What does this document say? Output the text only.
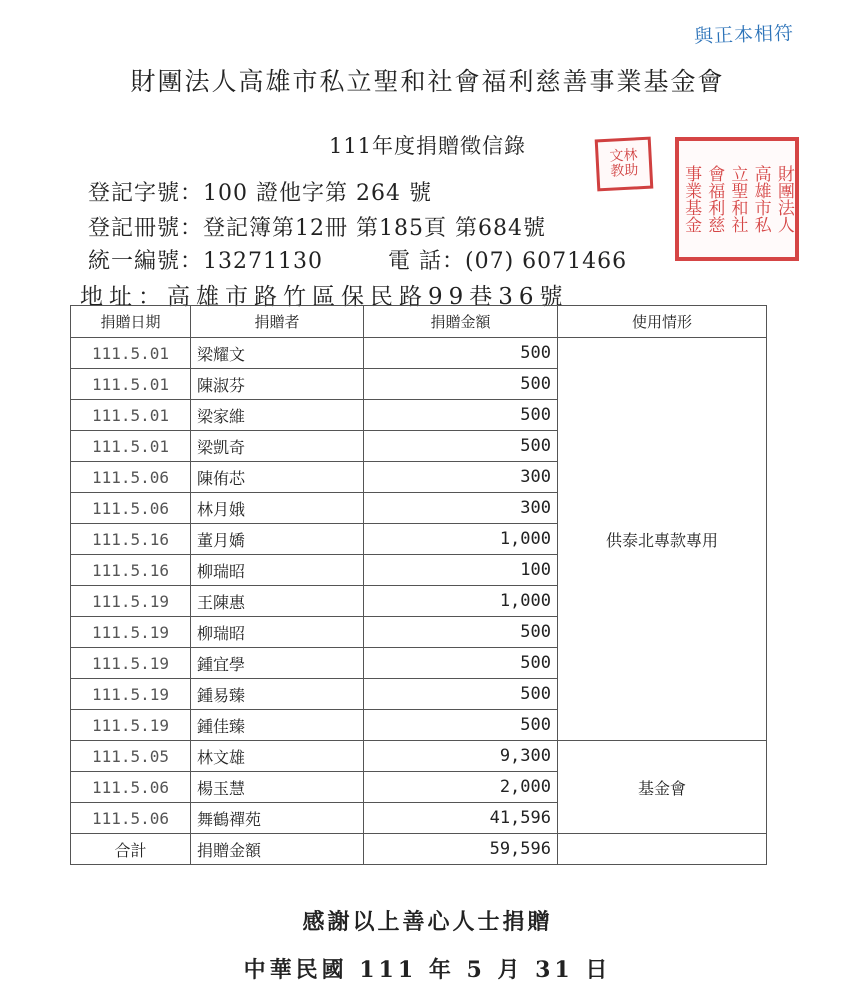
與正本相符
財團法人高雄市私立聖和社會福利慈善事業基金會
111年度捐贈徵信錄
登記字號：100 證他字第 264 號
登記冊號：登記簿第12冊 第185頁 第684號
統一編號：13271130	電 話：(07) 6071466
地址：高雄市路竹區保民路99巷36號
文林
教助	財團法人
高雄市私
立聖和社
會福利慈
事業基金
捐贈日期	捐贈者	捐贈金額	使用情形
111.5.01	梁耀文	500	供泰北專款專用
111.5.01	陳淑芬	500	
111.5.01	梁家維	500	
111.5.01	梁凱奇	500	
111.5.06	陳侑芯	300	
111.5.06	林月娥	300	
111.5.16	董月嬌	1,000	
111.5.16	柳瑞昭	100	
111.5.19	王陳惠	1,000	
111.5.19	柳瑞昭	500	
111.5.19	鍾宜學	500	
111.5.19	鍾易臻	500	
111.5.19	鍾佳臻	500	
111.5.05	林文雄	9,300	基金會
111.5.06	楊玉慧	2,000	
111.5.06	舞鶴禪苑	41,596	
合計	捐贈金額	59,596	
感謝以上善心人士捐贈
中華民國 111 年 5 月 31 日
